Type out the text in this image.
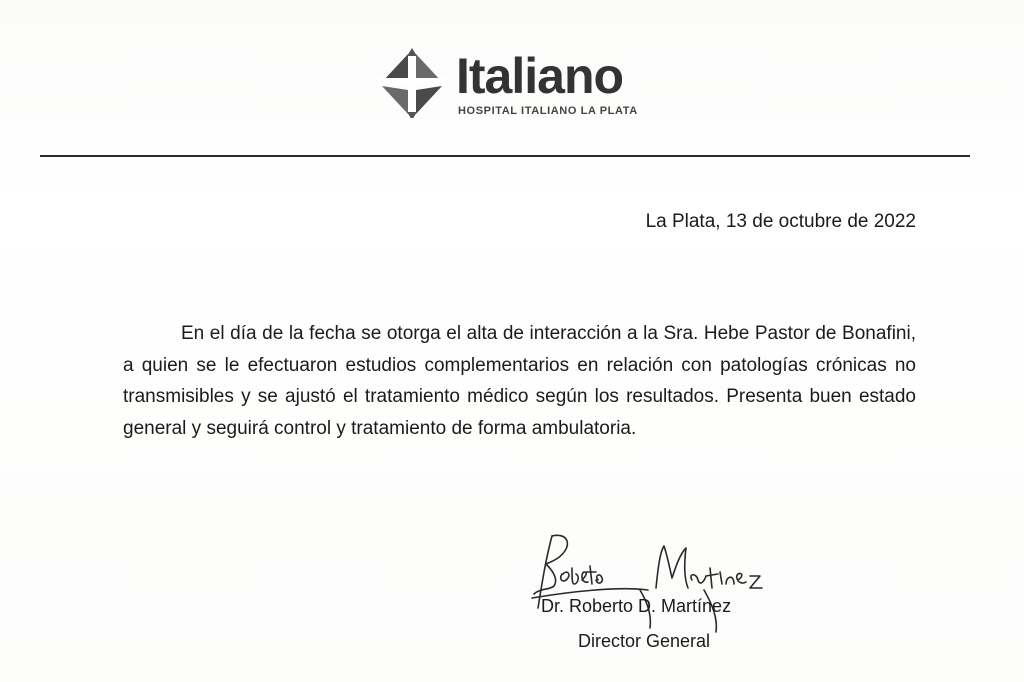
Italiano
HOSPITAL ITALIANO LA PLATA
La Plata, 13 de octubre de 2022

En el día de la fecha se otorga el alta de interacción a la Sra. Hebe Pastor de Bonafini, a quien se le efectuaron estudios complementarios en relación con patologías crónicas no transmisibles y se ajustó el tratamiento médico según los resultados. Presenta buen estado general y seguirá control y tratamiento de forma ambulatoria.

Dr. Roberto D. Martínez
Director General
